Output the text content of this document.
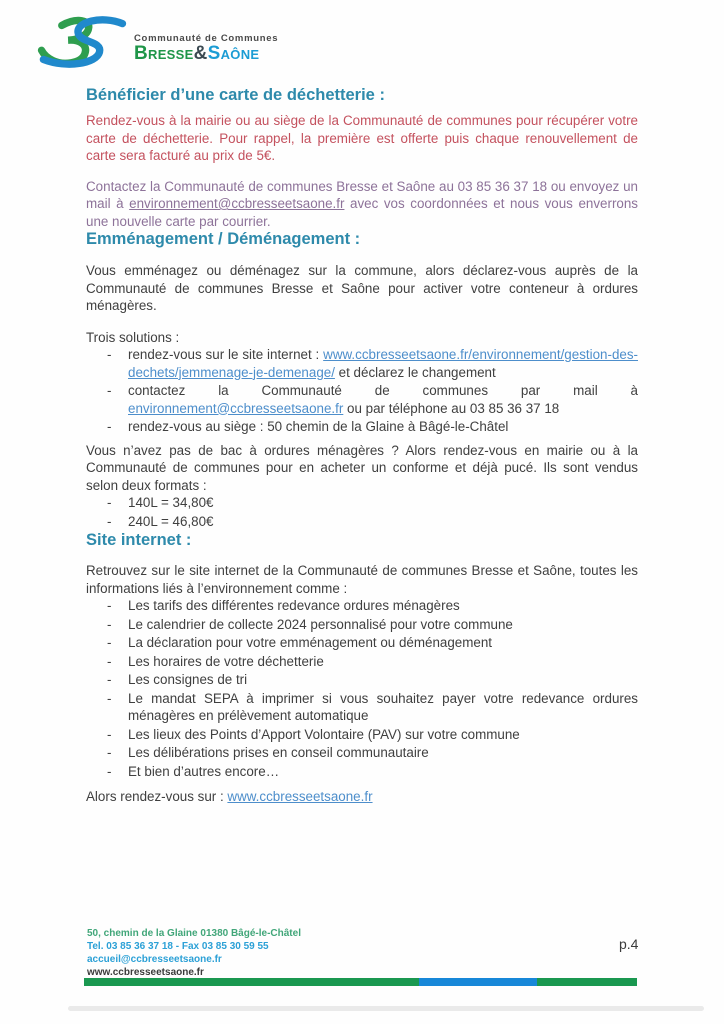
Communauté de Communes
Bresse&Saône
Bénéficier d’une carte de déchetterie :

Rendez-vous à la mairie ou au siège de la Communauté de communes pour récupérer votre carte de déchetterie. Pour rappel, la première est offerte puis chaque renouvellement de carte sera facturé au prix de 5€.

Contactez la Communauté de communes Bresse et Saône au 03 85 36 37 18 ou envoyez un mail à environnement@ccbresseetsaone.fr avec vos coordonnées et nous vous enverrons une nouvelle carte par courrier.

Emménagement / Déménagement :

Vous emménagez ou déménagez sur la commune, alors déclarez-vous auprès de la Communauté de communes Bresse et Saône pour activer votre conteneur à ordures ménagères.

Trois solutions :

- rendez-vous sur le site internet : www.ccbresseetsaone.fr/environnement/gestion-des-dechets/jemmenage-je-demenage/ et déclarez le changement
- contactez la Communauté de communes par mail à environnement@ccbresseetsaone.fr ou par téléphone au 03 85 36 37 18
- rendez-vous au siège : 50 chemin de la Glaine à Bâgé-le-Châtel

Vous n’avez pas de bac à ordures ménagères ? Alors rendez-vous en mairie ou à la Communauté de communes pour en acheter un conforme et déjà pucé. Ils sont vendus selon deux formats :

- 140L = 34,80€
- 240L = 46,80€
Site internet :

Retrouvez sur le site internet de la Communauté de communes Bresse et Saône, toutes les informations liés à l’environnement comme :

- Les tarifs des différentes redevance ordures ménagères
- Le calendrier de collecte 2024 personnalisé pour votre commune
- La déclaration pour votre emménagement ou déménagement
- Les horaires de votre déchetterie
- Les consignes de tri
- Le mandat SEPA à imprimer si vous souhaitez payer votre redevance ordures ménagères en prélèvement automatique
- Les lieux des Points d’Apport Volontaire (PAV) sur votre commune
- Les délibérations prises en conseil communautaire
- Et bien d’autres encore…

Alors rendez-vous sur : www.ccbresseetsaone.fr

50, chemin de la Glaine 01380 Bâgé-le-Châtel
Tel. 03 85 36 37 18 - Fax 03 85 30 59 55
accueil@ccbresseetsaone.fr
www.ccbresseetsaone.fr
p.4
